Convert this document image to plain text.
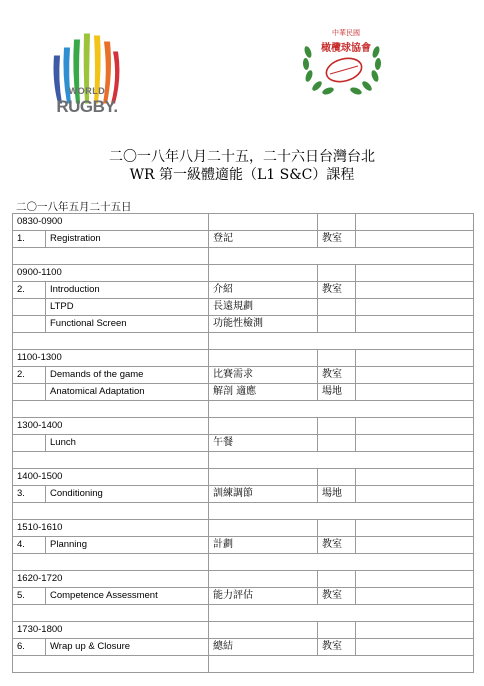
WORLD
RUGBY.
中華民國
橄欖球協會
二〇一八年八月二十五，二十六日台灣台北
WR 第一級體適能（L1 S&C）課程
二〇一八年五月二十五日
0830-0900				
1.	Registration	登記	教室	

0900-1100				
2.	Introduction	介紹	教室	
	LTPD	長遠規劃		
	Functional Screen	功能性檢測		

1100-1300				
2.	Demands of the game	比賽需求	教室	
	Anatomical Adaptation	解剖 適應	場地	

1300-1400				
	Lunch	午餐		

1400-1500				
3.	Conditioning	訓練調節	場地	

1510-1610				
4.	Planning	計劃	教室	

1620-1720				
5.	Competence Assessment	能力評估	教室	

1730-1800				
6.	Wrap up & Closure	總結	教室	
